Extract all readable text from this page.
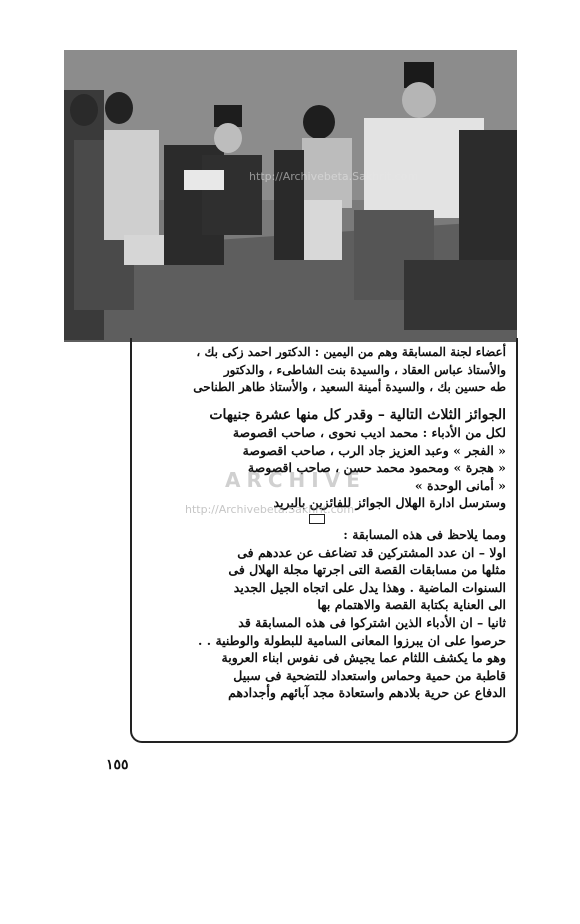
http://Archivebeta.Sakhrit.com

أعضاء لجنة المسابقة وهم من اليمين : الدكتور احمد زكى بك ،

والأستاذ عباس العقاد ، والسيدة بنت الشاطىء ، والدكتور

طه حسين بك ، والسيدة أمينة السعيد ، والأستاذ طاهر الطناحى

الجوائز الثلاث التالية – وقدر كل منها عشرة جنيهات

لكل من الأدباء : محمد اديب نحوى ، صاحب اقصوصة

« الفجر » وعبد العزيز جاد الرب ، صاحب اقصوصة

« هجرة » ومحمود محمد حسن ، صاحب اقصوصة

« أمانى الوحدة »

وسترسل ادارة الهلال الجوائز للفائزين بالبريد

ومما يلاحظ فى هذه المسابقة :

اولا – ان عدد المشتركين قد تضاعف عن عددهم فى

مثلها من مسابقات القصة التى اجرتها مجلة الهلال فى

السنوات الماضية . وهذا يدل على اتجاه الجيل الجديد

الى العناية بكتابة القصة والاهتمام بها

ثانيا – ان الأدباء الذين اشتركوا فى هذه المسابقة قد

حرصوا على ان يبرزوا المعانى السامية للبطولة والوطنية . .

وهو ما يكشف اللثام عما يجيش فى نفوس ابناء العروبة

قاطبة من حمية وحماس واستعداد للتضحية فى سبيل

الدفاع عن حرية بلادهم واستعادة مجد آبائهم وأجدادهم

ARCHIVE
http://Archivebeta.Sakhrit.com
١٥٥
